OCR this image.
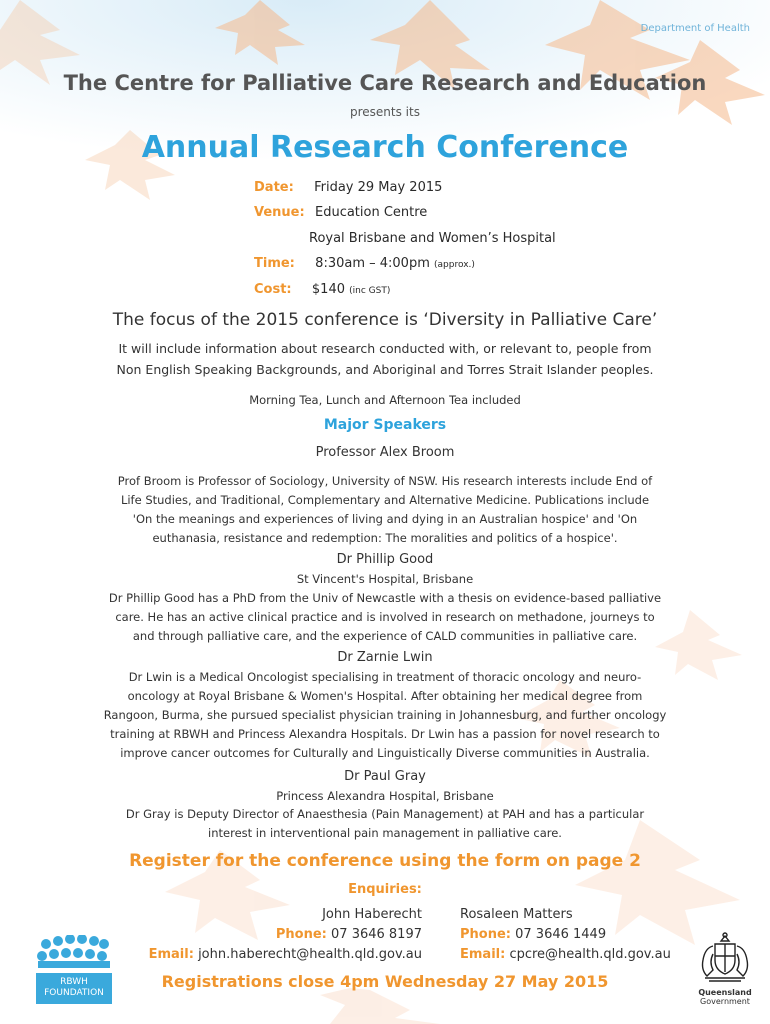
Department of Health
The Centre for Palliative Care Research and Education
presents its
Annual Research Conference
Date: Friday 29 May 2015
Venue: Education Centre
Royal Brisbane and Women’s Hospital
Time: 8:30am – 4:00pm (approx.)
Cost: $140 (inc GST)
The focus of the 2015 conference is ‘Diversity in Palliative Care’
It will include information about research conducted with, or relevant to, people from
Non English Speaking Backgrounds, and Aboriginal and Torres Strait Islander peoples.
Morning Tea, Lunch and Afternoon Tea included
Major Speakers
Professor Alex Broom
Prof Broom is Professor of Sociology, University of NSW. His research interests include End of
Life Studies, and Traditional, Complementary and Alternative Medicine. Publications include
'On the meanings and experiences of living and dying in an Australian hospice' and 'On
euthanasia, resistance and redemption: The moralities and politics of a hospice'.
Dr Phillip Good
St Vincent's Hospital, Brisbane
Dr Phillip Good has a PhD from the Univ of Newcastle with a thesis on evidence-based palliative
care. He has an active clinical practice and is involved in research on methadone, journeys to
and through palliative care, and the experience of CALD communities in palliative care.
Dr Zarnie Lwin
Dr Lwin is a Medical Oncologist specialising in treatment of thoracic oncology and neuro-
oncology at Royal Brisbane & Women's Hospital. After obtaining her medical degree from
Rangoon, Burma, she pursued specialist physician training in Johannesburg, and further oncology
training at RBWH and Princess Alexandra Hospitals. Dr Lwin has a passion for novel research to
improve cancer outcomes for Culturally and Linguistically Diverse communities in Australia.
Dr Paul Gray
Princess Alexandra Hospital, Brisbane
Dr Gray is Deputy Director of Anaesthesia (Pain Management) at PAH and has a particular
interest in interventional pain management in palliative care.
Register for the conference using the form on page 2
Enquiries:
John Haberecht
Phone: 07 3646 8197
Email: john.haberecht@health.qld.gov.au
Rosaleen Matters
Phone: 07 3646 1449
Email: cpcre@health.qld.gov.au
Registrations close 4pm Wednesday 27 May 2015
RBWH
FOUNDATION	Queensland
Government
